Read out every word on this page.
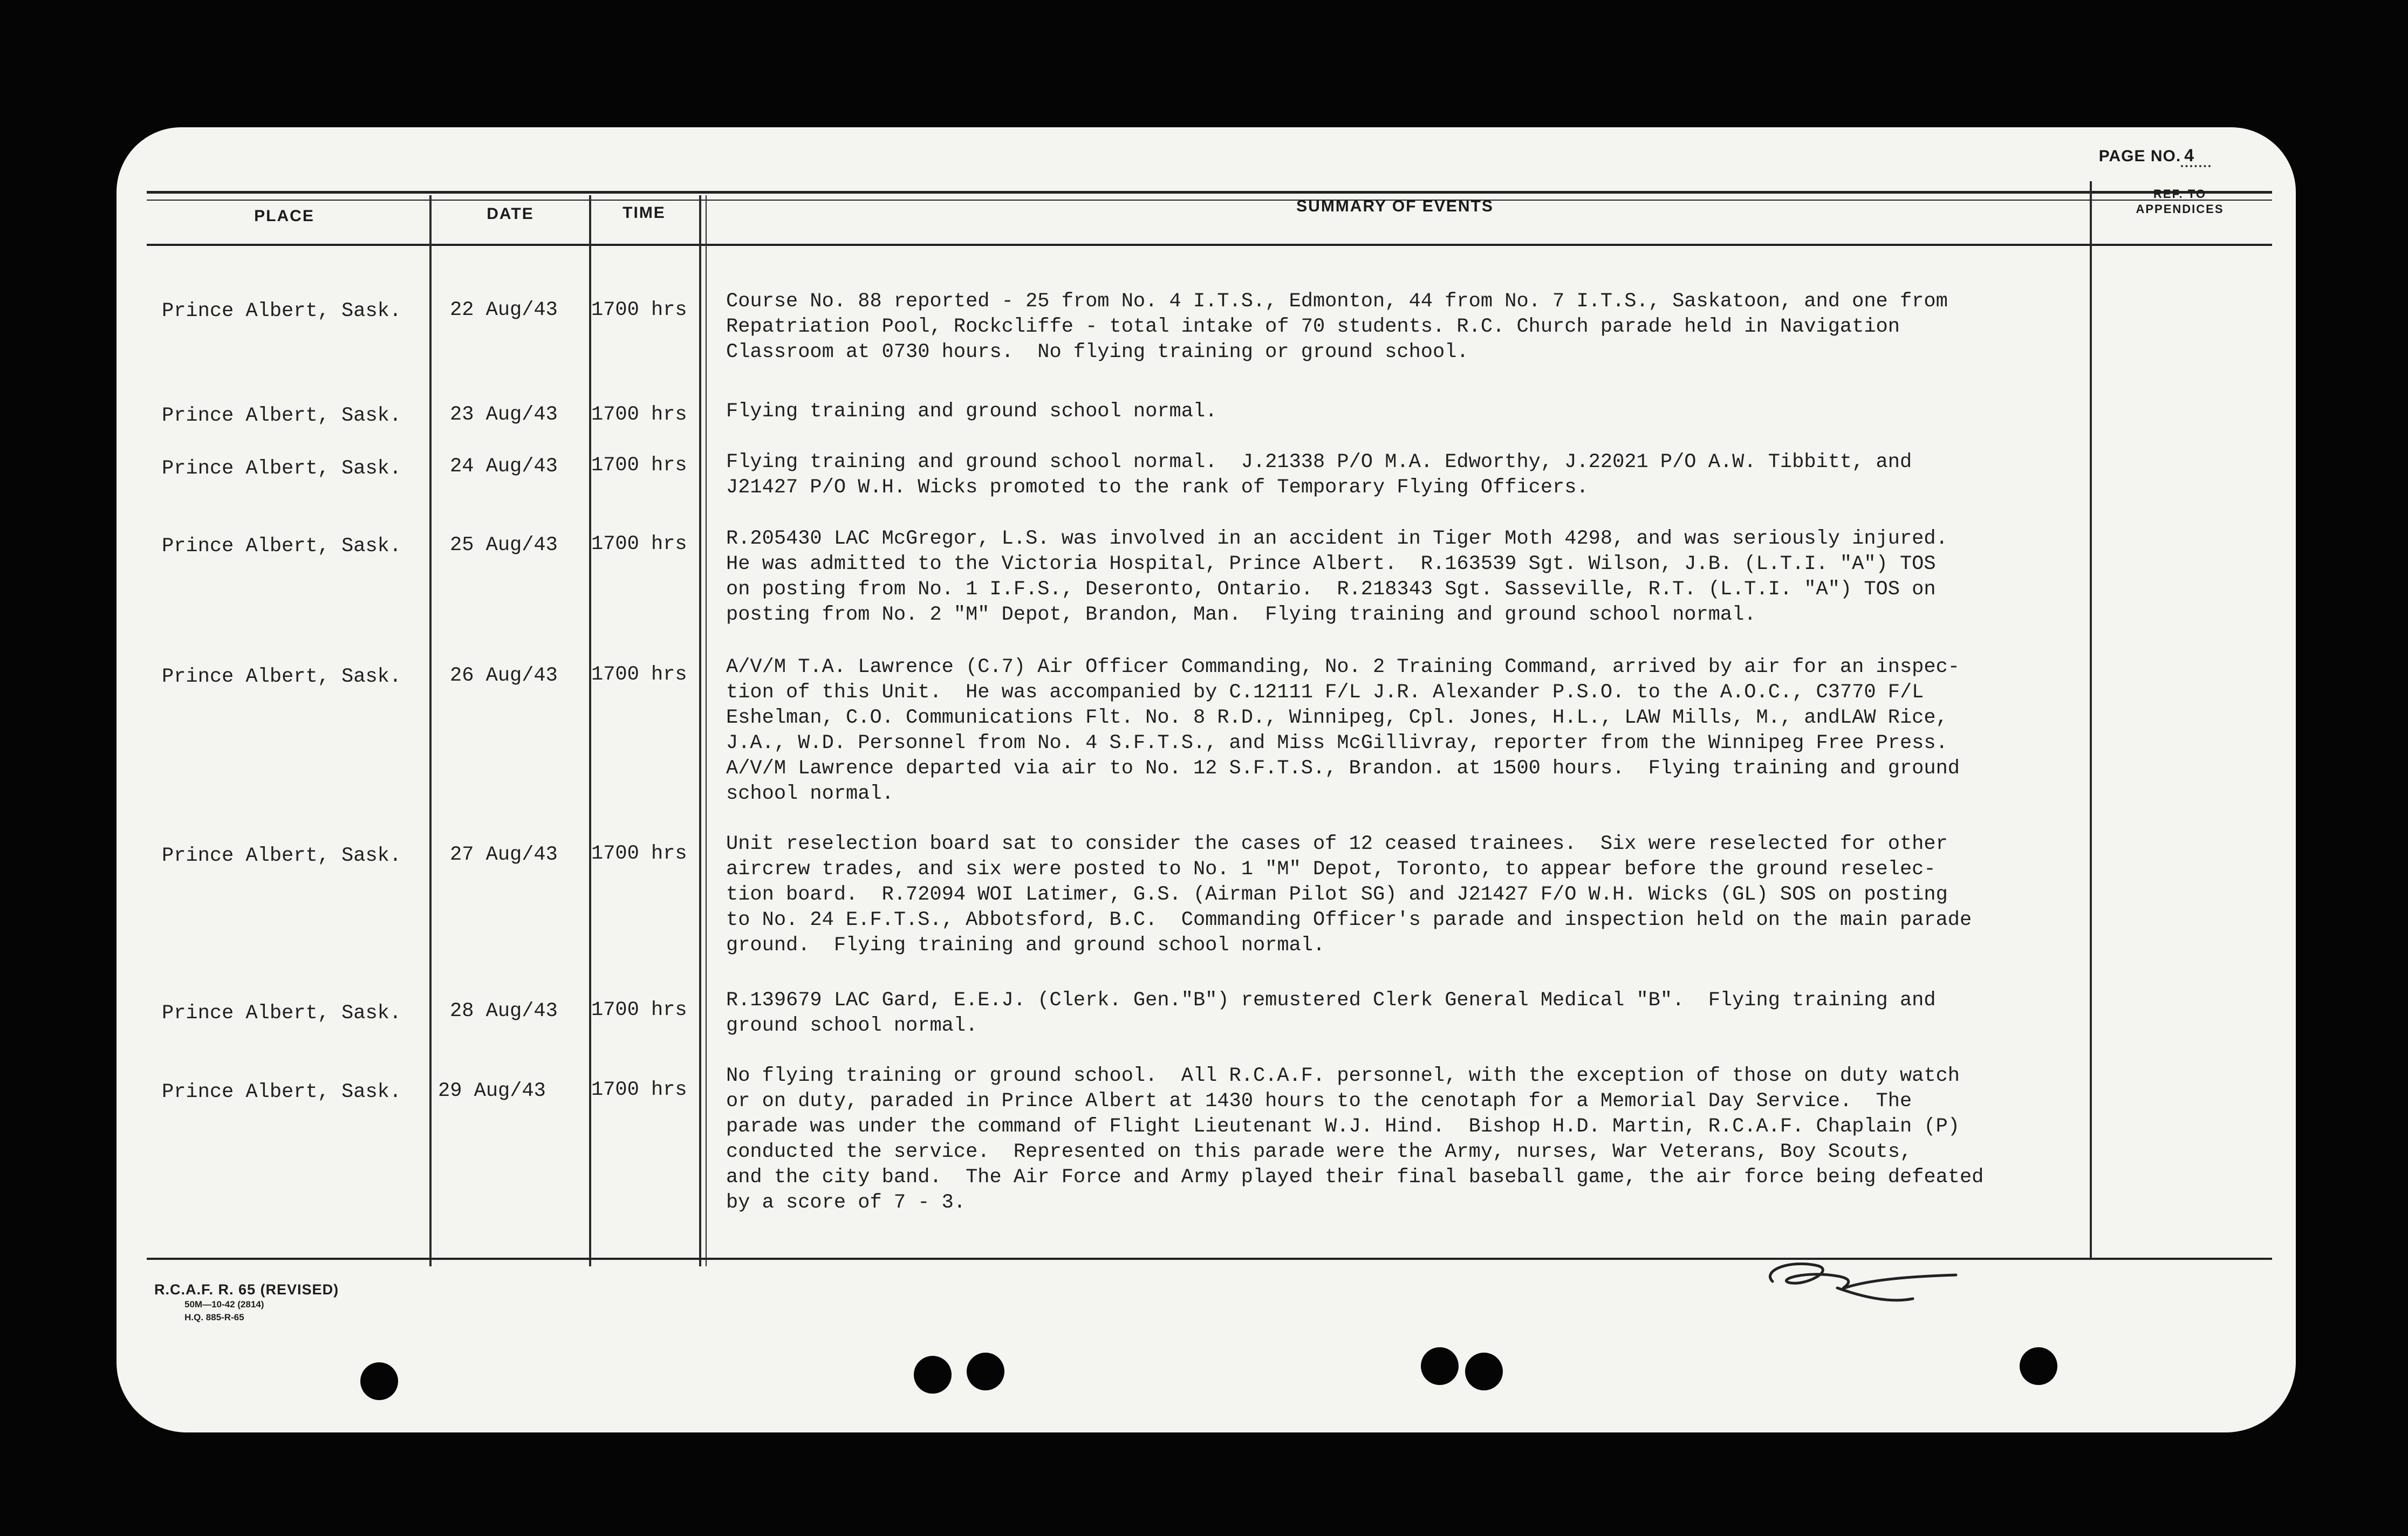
PAGE NO. 4
PLACE	DATE	TIME	SUMMARY OF EVENTS
REF. TO
APPENDICES
Prince Albert, Sask. 22 Aug/43 1700 hrs Course No. 88 reported - 25 from No. 4 I.T.S., Edmonton, 44 from No. 7 I.T.S., Saskatoon, and one from
Repatriation Pool, Rockcliffe - total intake of 70 students. R.C. Church parade held in Navigation
Classroom at 0730 hours.  No flying training or ground school.
Prince Albert, Sask. 23 Aug/43 1700 hrs Flying training and ground school normal.
Prince Albert, Sask. 24 Aug/43 1700 hrs Flying training and ground school normal.  J.21338 P/O M.A. Edworthy, J.22021 P/O A.W. Tibbitt, and
J21427 P/O W.H. Wicks promoted to the rank of Temporary Flying Officers.
Prince Albert, Sask. 25 Aug/43 1700 hrs R.205430 LAC McGregor, L.S. was involved in an accident in Tiger Moth 4298, and was seriously injured.
He was admitted to the Victoria Hospital, Prince Albert.  R.163539 Sgt. Wilson, J.B. (L.T.I. "A") TOS
on posting from No. 1 I.F.S., Deseronto, Ontario.  R.218343 Sgt. Sasseville, R.T. (L.T.I. "A") TOS on
posting from No. 2 "M" Depot, Brandon, Man.  Flying training and ground school normal.
Prince Albert, Sask. 26 Aug/43 1700 hrs A/V/M T.A. Lawrence (C.7) Air Officer Commanding, No. 2 Training Command, arrived by air for an inspec-
tion of this Unit.  He was accompanied by C.12111 F/L J.R. Alexander P.S.O. to the A.O.C., C3770 F/L
Eshelman, C.O. Communications Flt. No. 8 R.D., Winnipeg, Cpl. Jones, H.L., LAW Mills, M., andLAW Rice,
J.A., W.D. Personnel from No. 4 S.F.T.S., and Miss McGillivray, reporter from the Winnipeg Free Press.
A/V/M Lawrence departed via air to No. 12 S.F.T.S., Brandon. at 1500 hours.  Flying training and ground
school normal.
Prince Albert, Sask. 27 Aug/43 1700 hrs Unit reselection board sat to consider the cases of 12 ceased trainees.  Six were reselected for other
aircrew trades, and six were posted to No. 1 "M" Depot, Toronto, to appear before the ground reselec-
tion board.  R.72094 WOI Latimer, G.S. (Airman Pilot SG) and J21427 F/O W.H. Wicks (GL) SOS on posting
to No. 24 E.F.T.S., Abbotsford, B.C.  Commanding Officer's parade and inspection held on the main parade
ground.  Flying training and ground school normal.
Prince Albert, Sask. 28 Aug/43 1700 hrs R.139679 LAC Gard, E.E.J. (Clerk. Gen."B") remustered Clerk General Medical "B".  Flying training and
ground school normal.
Prince Albert, Sask. 29 Aug/43 1700 hrs
No flying training or ground school.  All R.C.A.F. personnel, with the exception of those on duty watch
or on duty, paraded in Prince Albert at 1430 hours to the cenotaph for a Memorial Day Service.  The
parade was under the command of Flight Lieutenant W.J. Hind.  Bishop H.D. Martin, R.C.A.F. Chaplain (P)
conducted the service.  Represented on this parade were the Army, nurses, War Veterans, Boy Scouts,
and the city band.  The Air Force and Army played their final baseball game, the air force being defeated
by a score of 7 - 3.
R.C.A.F. R. 65 (REVISED)
50M—10-42 (2814)
H.Q. 885-R-65
